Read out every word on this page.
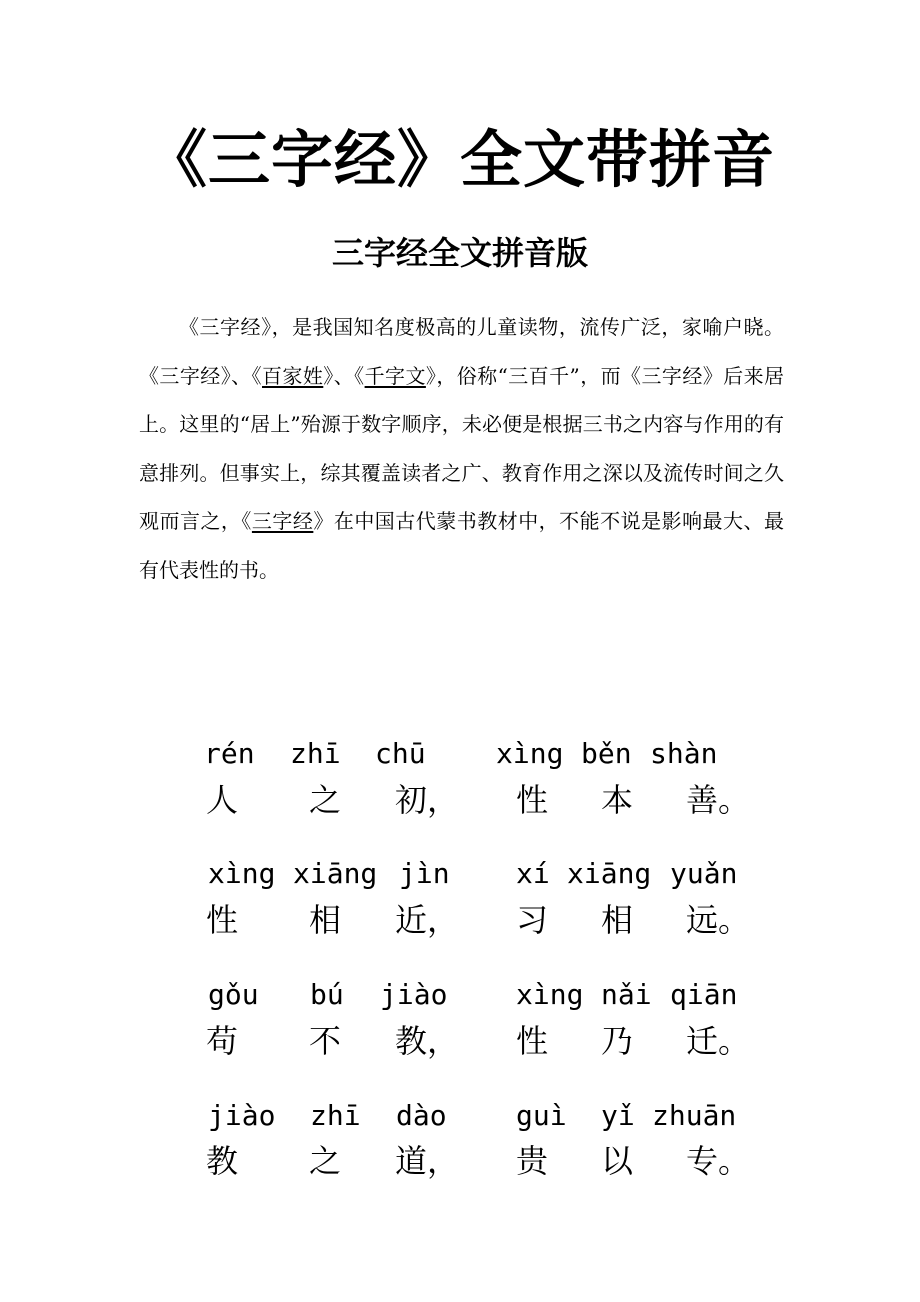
《三字经》全文带拼音
三字经全文拼音版

《三字经》，是我国知名度极高的儿童读物，流传广泛，家喻户晓。《三字经》、《百家姓》、《千字文》，俗称“三百千”，而《三字经》后来居上。这里的“居上”殆源于数字顺序，未必便是根据三书之内容与作用的有意排列。但事实上，综其覆盖读者之广、教育作用之深以及流传时间之久观而言之，《三字经》在中国古代蒙书教材中，不能不说是影响最大、最有代表性的书。

rén zhī chū	xìng běn shàn
人 之 初， 性 本 善。
xìng xiāng jìn xí xiāng yuǎn
性 相 近， 习 相 远。
gǒu bú jiào xìng nǎi qiān
苟 不 教， 性 乃 迁。
jiào zhī dào guì yǐ zhuān
教 之 道， 贵 以 专。
